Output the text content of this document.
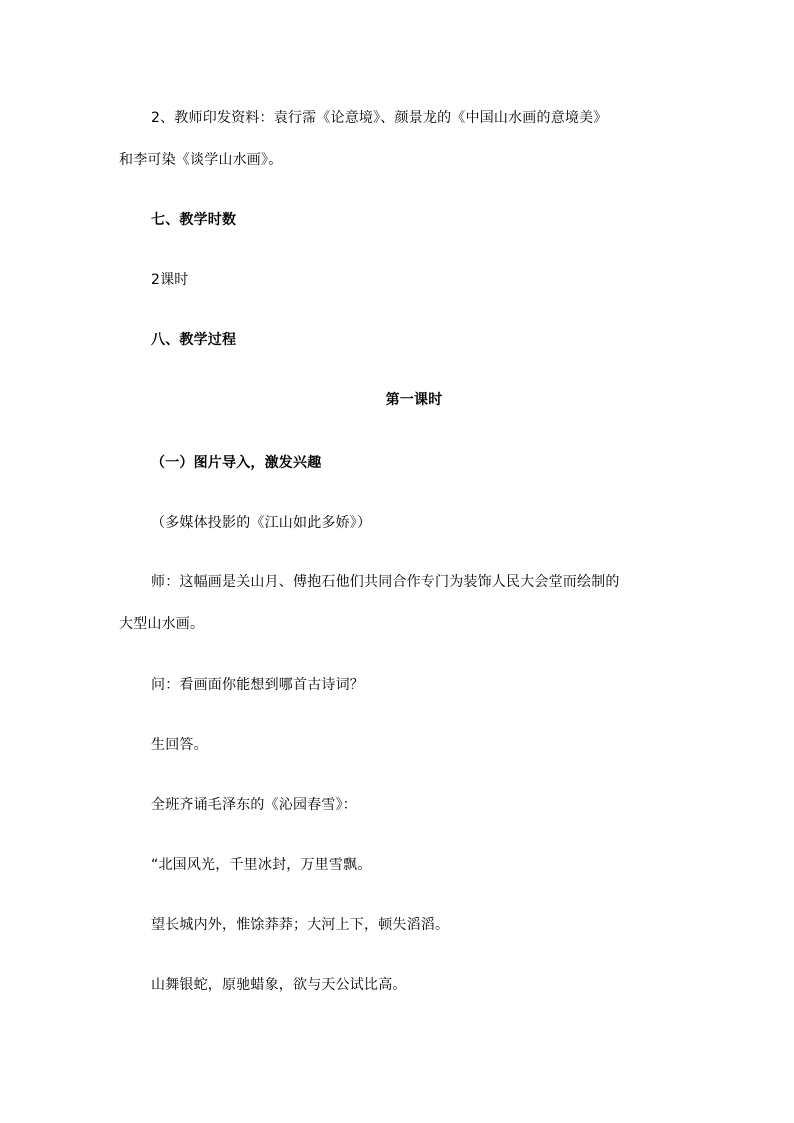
2、教师印发资料：袁行霈《论意境》、颜景龙的《中国山水画的意境美》
和李可染《谈学山水画》。
七、教学时数
2课时
八、教学过程
第一课时
（一）图片导入，激发兴趣
（多媒体投影的《江山如此多娇》）
师：这幅画是关山月、傅抱石他们共同合作专门为装饰人民大会堂而绘制的
大型山水画。
问：看画面你能想到哪首古诗词？
生回答。
全班齐诵毛泽东的《沁园春雪》：
“北国风光，千里冰封，万里雪飘。
望长城内外，惟馀莽莽；大河上下，顿失滔滔。
山舞银蛇，原驰蜡象，欲与天公试比高。
